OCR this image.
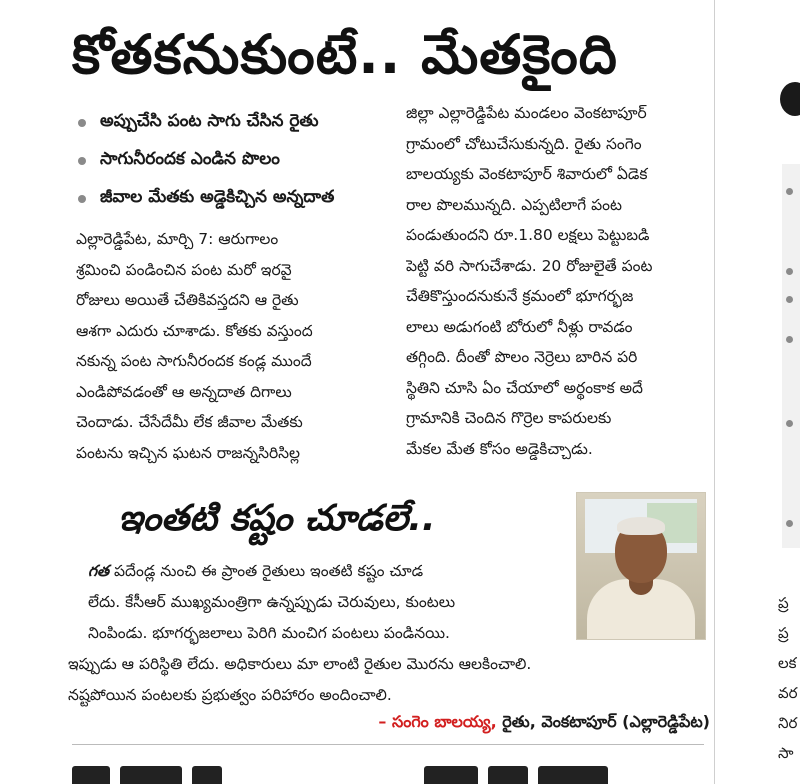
కోతకనుకుంటే.. మేతకైంది
అప్పుచేసి పంట సాగు చేసిన రైతు
సాగునీరందక ఎండిన పొలం
జీవాల మేతకు అడ్డెకిచ్చిన అన్నదాత

ఎల్లారెడ్డిపేట, మార్చి 7: ఆరుగాలం

శ్రమించి పండించిన పంట మరో ఇరవై

రోజులు అయితే చేతికివస్తదని ఆ రైతు

ఆశగా ఎదురు చూశాడు. కోతకు వస్తుంద

నకున్న పంట సాగునీరందక కండ్ల ముందే

ఎండిపోవడంతో ఆ అన్నదాత దిగాలు

చెందాడు. చేసేదేమీ లేక జీవాల మేతకు

పంటను ఇచ్చిన ఘటన రాజన్నసిరిసిల్ల

జిల్లా ఎల్లారెడ్డిపేట మండలం వెంకటాపూర్

గ్రామంలో చోటుచేసుకున్నది. రైతు సంగెం

బాలయ్యకు వెంకటాపూర్ శివారులో ఏడెక

రాల పొలమున్నది. ఎప్పటిలాగే పంట

పండుతుందని రూ.1.80 లక్షలు పెట్టుబడి

పెట్టి వరి సాగుచేశాడు. 20 రోజులైతే పంట

చేతికొస్తుందనుకునే క్రమంలో భూగర్భజ

లాలు అడుగంటి బోరులో నీళ్లు రావడం

తగ్గింది. దీంతో పొలం నెర్రెలు బారిన పరి

స్థితిని చూసి ఏం చేయాలో అర్థంకాక అదే

గ్రామానికి చెందిన గొర్రెల కాపరులకు

మేకల మేత కోసం అడ్డెకిచ్చాడు.

ఇంతటి కష్టం చూడలే..

గత పదేండ్ల నుంచి ఈ ప్రాంత రైతులు ఇంతటి కష్టం చూడ

లేదు. కేసీఆర్ ముఖ్యమంత్రిగా ఉన్నప్పుడు చెరువులు, కుంటలు

నింపిండు. భూగర్భజలాలు పెరిగి మంచిగ పంటలు పండినయి.

ఇప్పుడు ఆ పరిస్థితి లేదు. అధికారులు మా లాంటి రైతుల మొరను ఆలకించాలి.

నష్టపోయిన పంటలకు ప్రభుత్వం పరిహారం అందించాలి.

– సంగెం బాలయ్య, రైతు, వెంకటాపూర్ (ఎల్లారెడ్డిపేట)
ప్ర
ప్ర
లక
వర
నిర
సా
